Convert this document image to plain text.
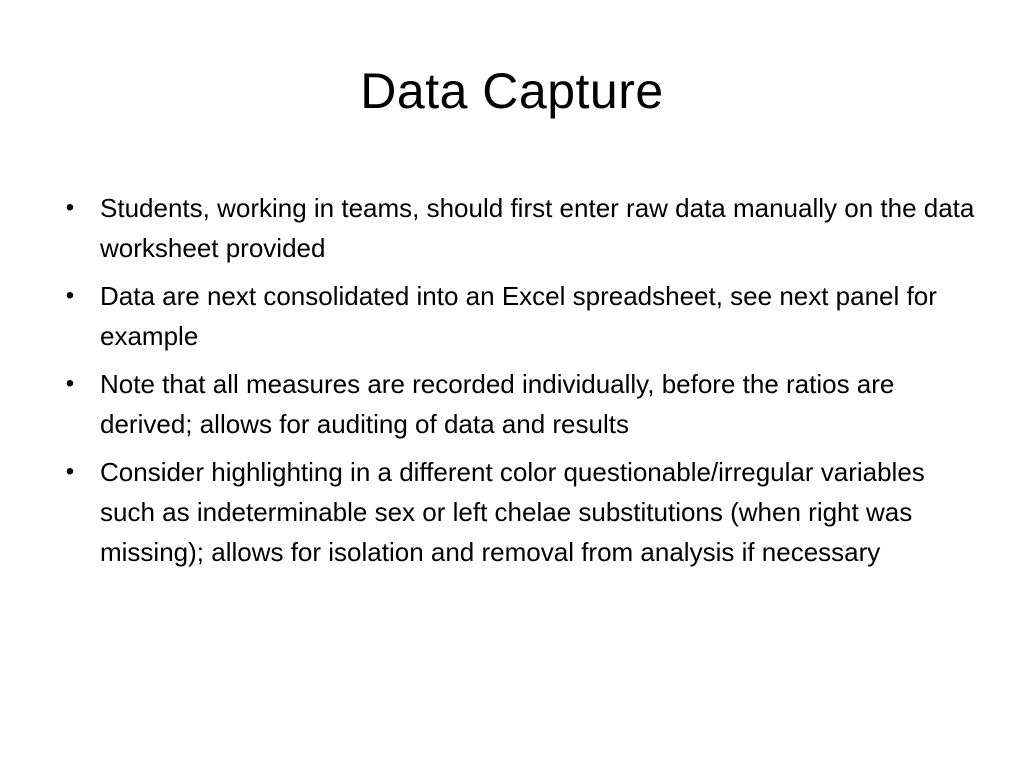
Data Capture
• Students, working in teams, should first enter raw data manually on the data worksheet provided
• Data are next consolidated into an Excel spreadsheet, see next panel for example
• Note that all measures are recorded individually, before the ratios are derived; allows for auditing of data and results
• Consider highlighting in a different color questionable/irregular variables such as indeterminable sex or left chelae substitutions (when right was missing); allows for isolation and removal from analysis if necessary
